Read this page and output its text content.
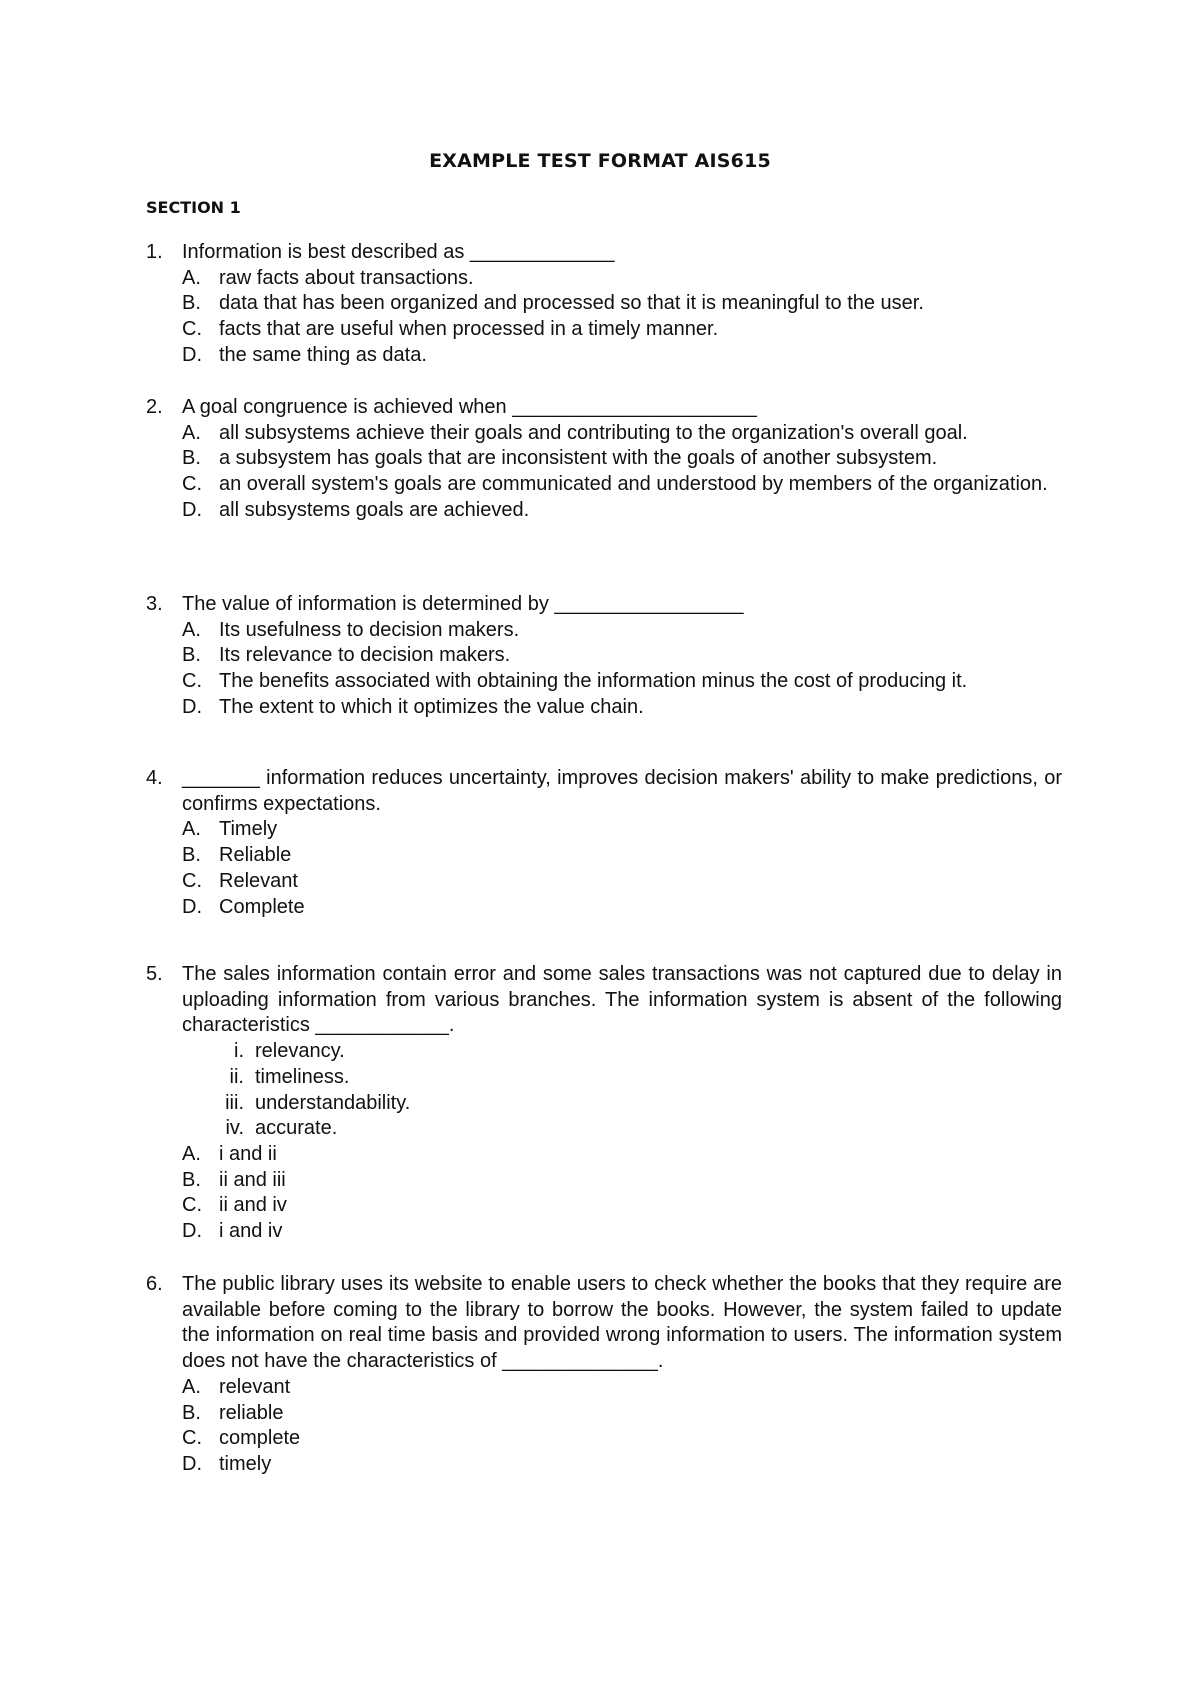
EXAMPLE TEST FORMAT AIS615
SECTION 1
1. Information is best described as _____________
A. raw facts about transactions.
B. data that has been organized and processed so that it is meaningful to the user.
C. facts that are useful when processed in a timely manner.
D. the same thing as data.
2. A goal congruence is achieved when ______________________
A. all subsystems achieve their goals and contributing to the organization's overall goal.
B. a subsystem has goals that are inconsistent with the goals of another subsystem.
C. an overall system's goals are communicated and understood by members of the organization.
D. all subsystems goals are achieved.
3. The value of information is determined by _________________
A. Its usefulness to decision makers.
B. Its relevance to decision makers.
C. The benefits associated with obtaining the information minus the cost of producing it.
D. The extent to which it optimizes the value chain.
4. _______ information reduces uncertainty, improves decision makers' ability to make predictions, or confirms expectations.
A. Timely
B. Reliable
C. Relevant
D. Complete
5. The sales information contain error and some sales transactions was not captured due to delay in uploading information from various branches. The information system is absent of the following characteristics ____________.
i. relevancy.
ii. timeliness.
iii. understandability.
iv. accurate.
A. i and ii
B. ii and iii
C. ii and iv
D. i and iv
6. The public library uses its website to enable users to check whether the books that they require are available before coming to the library to borrow the books. However, the system failed to update the information on real time basis and provided wrong information to users. The information system does not have the characteristics of ______________.
A. relevant
B. reliable
C. complete
D. timely
